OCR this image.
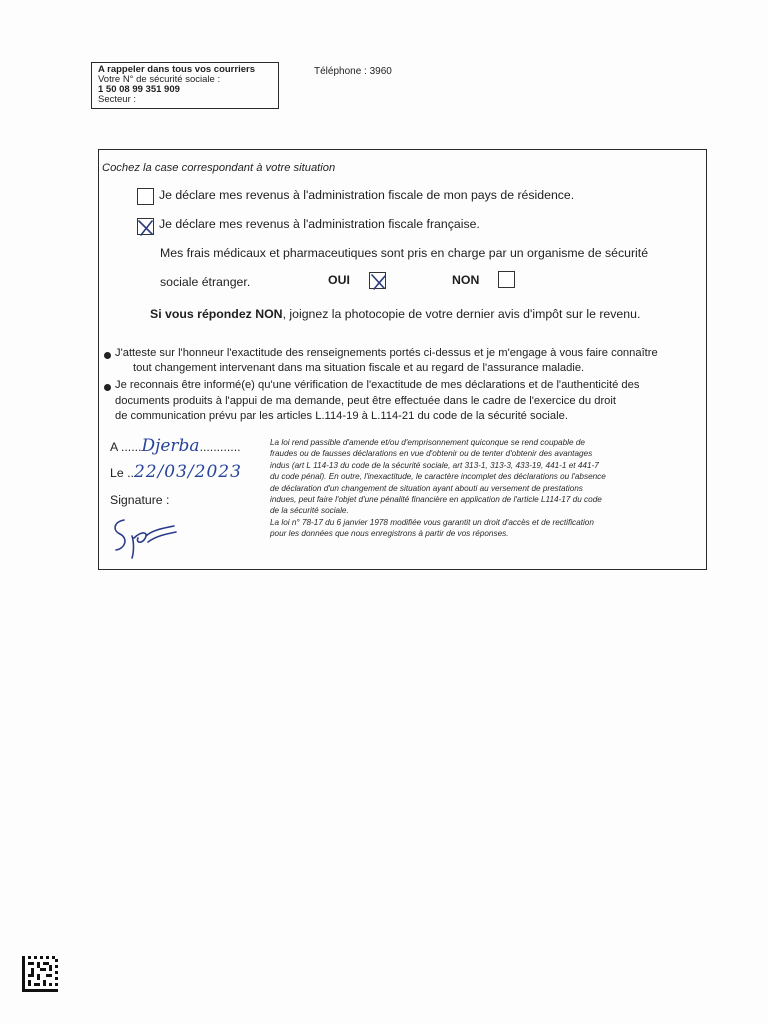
A rappeler dans tous vos courriers
Votre N° de sécurité sociale :
1 50 08 99 351 909
Secteur :
Téléphone : 3960
Cochez la case correspondant à votre situation
Je déclare mes revenus à l'administration fiscale de mon pays de résidence.
Je déclare mes revenus à l'administration fiscale française.
Mes frais médicaux et pharmaceutiques sont pris en charge par un organisme de sécurité
sociale étranger.	OUI	NON
Si vous répondez NON, joignez la photocopie de votre dernier avis d'impôt sur le revenu.
J'atteste sur l'honneur l'exactitude des renseignements portés ci-dessus et je m'engage à vous faire connaître
tout changement intervenant dans ma situation fiscale et au regard de l'assurance maladie.
Je reconnais être informé(e) qu'une vérification de l'exactitude de mes déclarations et de l'authenticité des
documents produits à l'appui de ma demande, peut être effectuée dans le cadre de l'exercice du droit
de communication prévu par les articles L.114-19 à L.114-21 du code de la sécurité sociale.
A ......Djerba............
Le ..22/03/2023
Signature :
La loi rend passible d'amende et/ou d'emprisonnement quiconque se rend coupable de
fraudes ou de fausses déclarations en vue d'obtenir ou de tenter d'obtenir des avantages
indus (art L 114-13 du code de la sécurité sociale, art 313-1, 313-3, 433-19, 441-1 et 441-7
du code pénal). En outre, l'inexactitude, le caractère incomplet des déclarations ou l'absence
de déclaration d'un changement de situation ayant abouti au versement de prestations
indues, peut faire l'objet d'une pénalité financière en application de l'article L114-17 du code
de la sécurité sociale.
La loi n° 78-17 du 6 janvier 1978 modifiée vous garantit un droit d'accès et de rectification
pour les données que nous enregistrons à partir de vos réponses.
